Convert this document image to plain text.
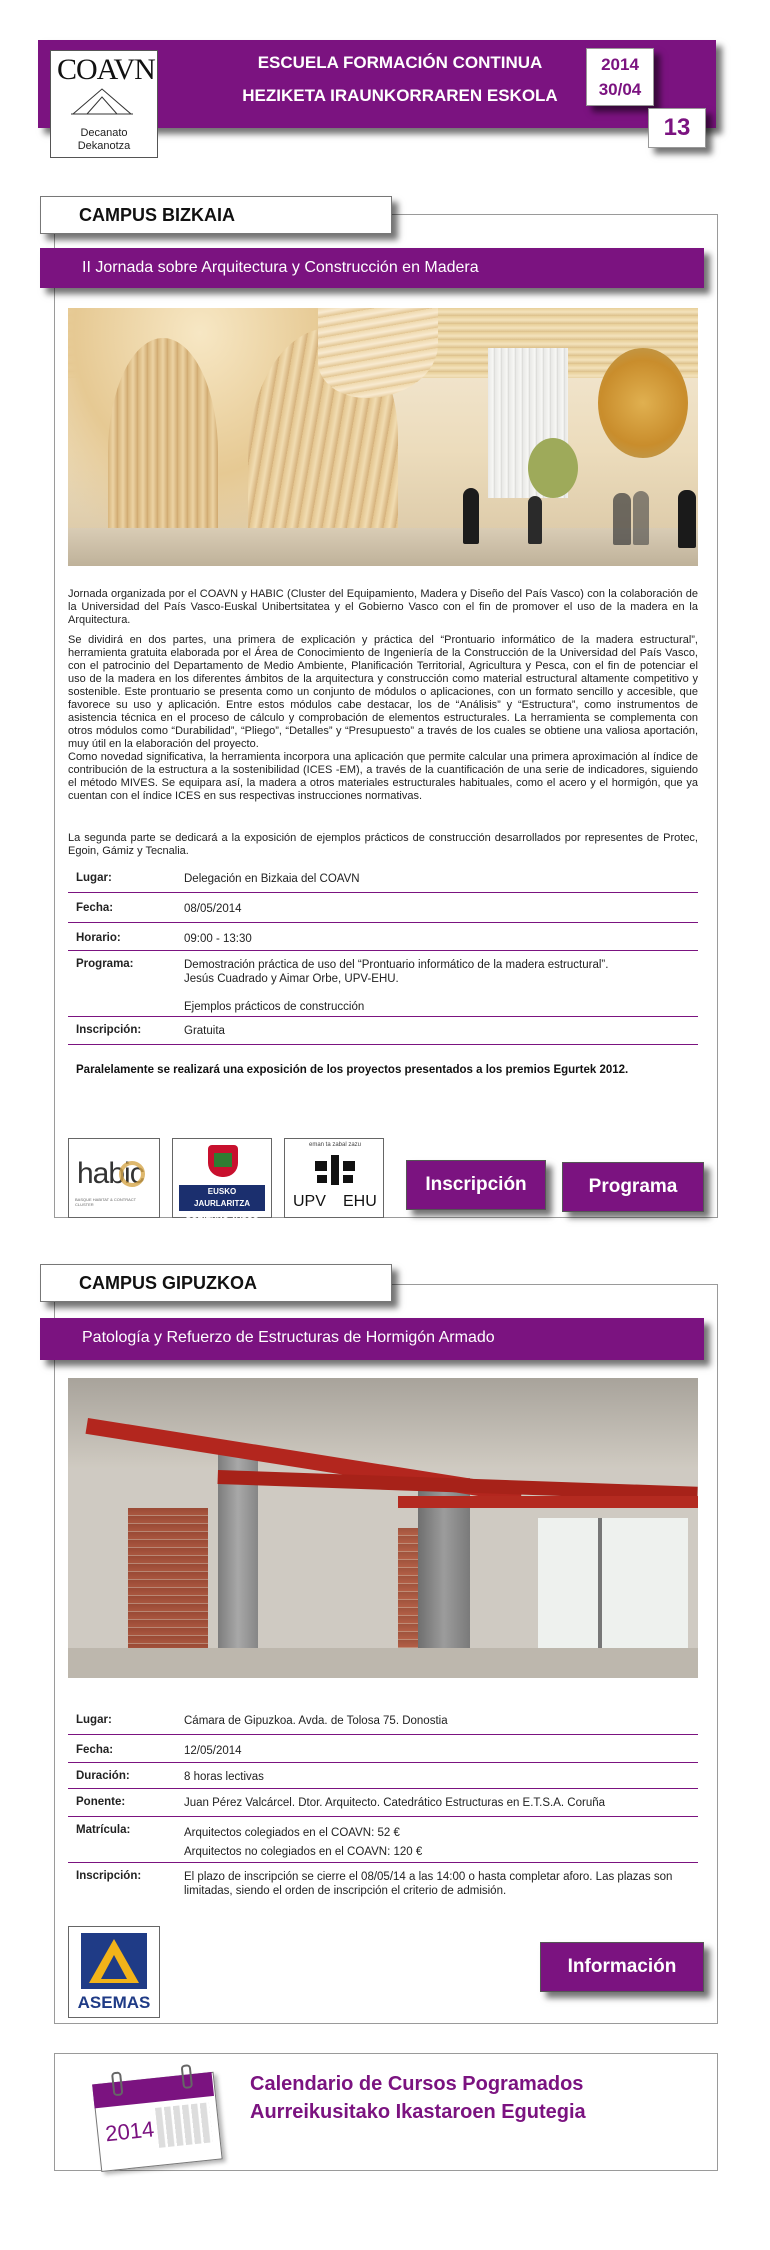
COAVN
Decanato
Dekanotza
ESCUELA FORMACIÓN CONTINUA
HEZIKETA IRAUNKORRAREN ESKOLA
2014
30/04
13
CAMPUS BIZKAIA
II Jornada sobre Arquitectura y Construcción en Madera
Jornada organizada por el COAVN y HABIC (Cluster del Equipamiento, Madera y Diseño del País Vasco) con la colaboración de la Universidad del País Vasco-Euskal Unibertsitatea y el Gobierno Vasco con el fin de promover el uso de la madera en la Arquitectura.
Se dividirá en dos partes, una primera de explicación y práctica del “Prontuario informático de la madera estructural”, herramienta gratuita elaborada por el Área de Conocimiento de Ingeniería de la Construcción de la Universidad del País Vasco, con el patrocinio del Departamento de Medio Ambiente, Planificación Territorial, Agricultura y Pesca, con el fin de potenciar el uso de la madera en los diferentes ámbitos de la arquitectura y construcción como material estructural altamente competitivo y sostenible. Este prontuario se presenta como un conjunto de módulos o aplicaciones, con un formato sencillo y accesible, que favorece su uso y aplicación. Entre estos módulos cabe destacar, los de “Análisis” y “Estructura”, como instrumentos de asistencia técnica en el proceso de cálculo y comprobación de elementos estructurales. La herramienta se complementa con otros módulos como “Durabilidad”, “Pliego”, “Detalles” y “Presupuesto” a través de los cuales se obtiene una valiosa aportación, muy útil en la elaboración del proyecto.
Como novedad significativa, la herramienta incorpora una aplicación que permite calcular una primera aproximación al índice de contribución de la estructura a la sostenibilidad (ICES -EM), a través de la cuantificación de una serie de indicadores, siguiendo el método MIVES. Se equipara así, la madera a otros materiales estructurales habituales, como el acero y el hormigón, que ya cuentan con el índice ICES en sus respectivas instrucciones normativas.
La segunda parte se dedicará a la exposición de ejemplos prácticos de construcción desarrollados por representes de Protec, Egoin, Gámiz y Tecnalia.
Lugar:	Delegación en Bizkaia del COAVN
Fecha:	08/05/2014
Horario:	09:00 - 13:30
Programa:	Demostración práctica de uso del “Prontuario informático de la madera estructural”.
Jesús Cuadrado y Aimar Orbe, UPV-EHU.

Ejemplos prácticos de construcción
Inscripción:	Gratuita
Paralelamente se realizará una exposición de los proyectos presentados a los premios Egurtek 2012.
habic
BASQUE HABITAT & CONTRACT CLUSTER
EUSKO JAURLARITZA
GOBIERNO VASCO
eman ta zabal zazu
UPV EHU
Inscripción	Programa
CAMPUS GIPUZKOA
Patología y Refuerzo de Estructuras de Hormigón Armado
Lugar:	Cámara de Gipuzkoa. Avda. de Tolosa 75. Donostia
Fecha:	12/05/2014
Duración:	8 horas lectivas
Ponente:	Juan Pérez Valcárcel. Dtor. Arquitecto. Catedrático Estructuras en E.T.S.A. Coruña
Matrícula:	Arquitectos colegiados en el COAVN: 52 €
Arquitectos no colegiados en el COAVN: 120 €
Inscripción:	El plazo de inscripción se cierre el 08/05/14 a las 14:00 o hasta completar aforo. Las plazas son limitadas, siendo el orden de inscripción el criterio de admisión.
ASEMAS
Información
2014
Calendario de Cursos Pogramados
Aurreikusitako Ikastaroen Egutegia
